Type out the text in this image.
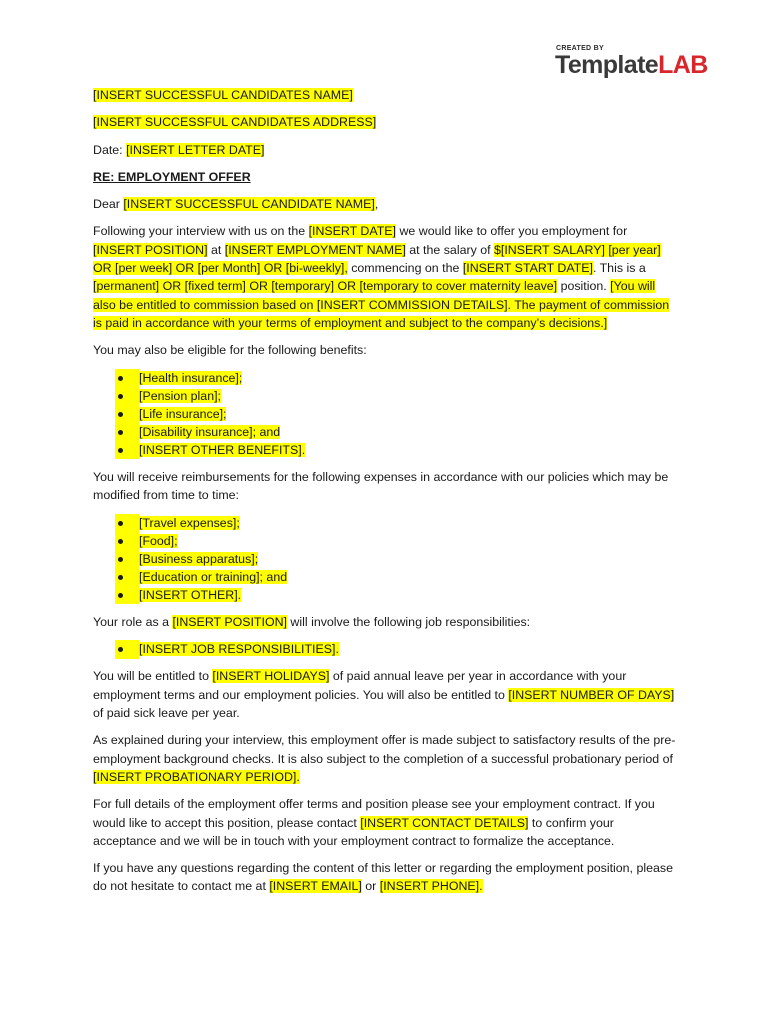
CREATED BY
TemplateLAB

[INSERT SUCCESSFUL CANDIDATES NAME]

[INSERT SUCCESSFUL CANDIDATES ADDRESS]

Date: [INSERT LETTER DATE]

RE: EMPLOYMENT OFFER

Dear [INSERT SUCCESSFUL CANDIDATE NAME],

Following your interview with us on the [INSERT DATE] we would like to offer you employment for [INSERT POSITION] at [INSERT EMPLOYMENT NAME] at the salary of $[INSERT SALARY] [per year] OR [per week] OR [per Month] OR [bi-weekly], commencing on the [INSERT START DATE]. This is a [permanent] OR [fixed term] OR [temporary] OR [temporary to cover maternity leave] position. [You will also be entitled to commission based on [INSERT COMMISSION DETAILS]. The payment of commission is paid in accordance with your terms of employment and subject to the company’s decisions.]

You may also be eligible for the following benefits:

[Health insurance];

[Pension plan];

[Life insurance];

[Disability insurance]; and

[INSERT OTHER BENEFITS].

You will receive reimbursements for the following expenses in accordance with our policies which may be modified from time to time:

[Travel expenses];

[Food];

[Business apparatus];

[Education or training]; and

[INSERT OTHER].

Your role as a [INSERT POSITION] will involve the following job responsibilities:

[INSERT JOB RESPONSIBILITIES].

You will be entitled to [INSERT HOLIDAYS] of paid annual leave per year in accordance with your employment terms and our employment policies. You will also be entitled to [INSERT NUMBER OF DAYS] of paid sick leave per year.

As explained during your interview, this employment offer is made subject to satisfactory results of the pre-employment background checks. It is also subject to the completion of a successful probationary period of [INSERT PROBATIONARY PERIOD].

For full details of the employment offer terms and position please see your employment contract. If you would like to accept this position, please contact [INSERT CONTACT DETAILS] to confirm your acceptance and we will be in touch with your employment contract to formalize the acceptance.

If you have any questions regarding the content of this letter or regarding the employment position, please do not hesitate to contact me at [INSERT EMAIL] or [INSERT PHONE].
